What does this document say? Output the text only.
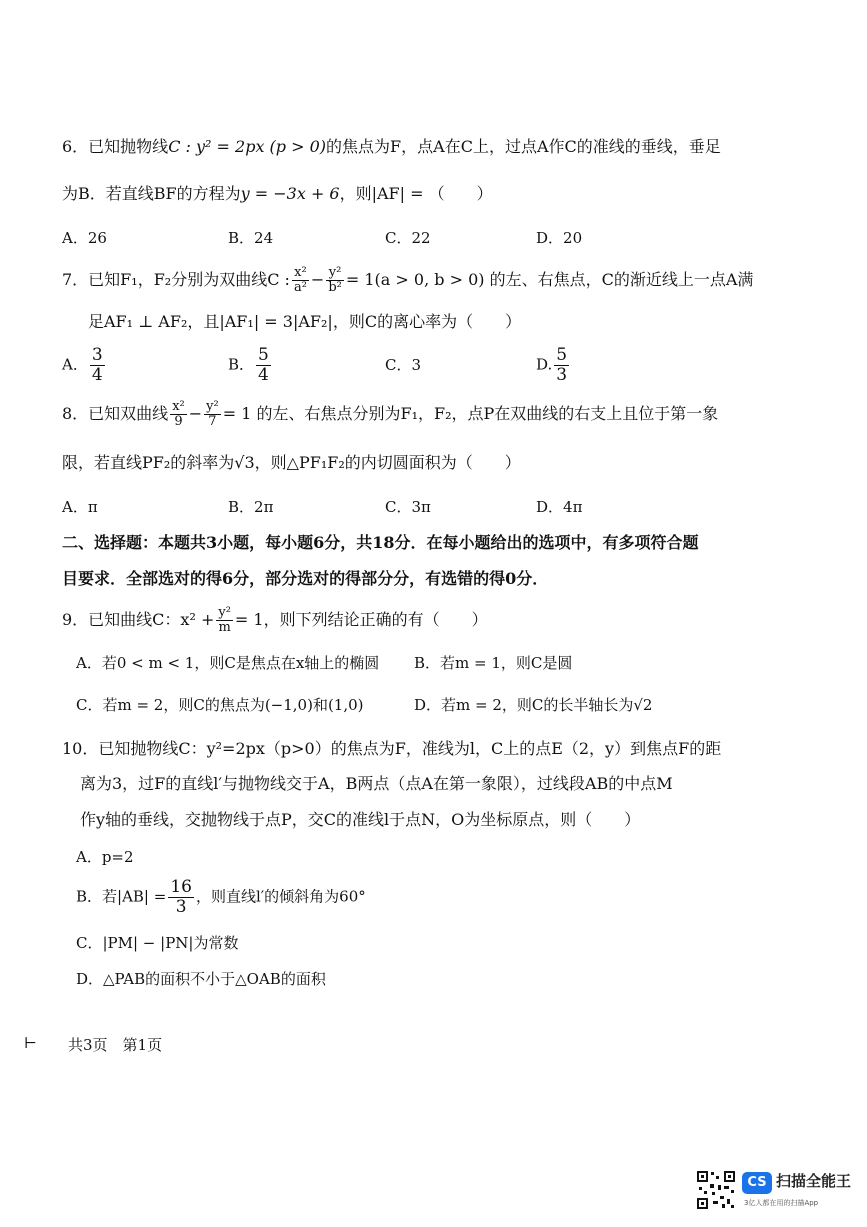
6．已知抛物线C : y² = 2px (p > 0)的焦点为F，点A在C上，过点A作C的准线的垂线，垂足
为B．若直线BF的方程为y = −3x + 6，则|AF| = （　　）
A．26	B．24	C．22	D．20
7．已知F₁，F₂分别为双曲线C : $\frac{\text{x²}}{\text{a²}} - \frac{\text{y²}}{\text{b²}} = 1(a > 0$, b > 0) 的左、右焦点，C的渐近线上一点A满
足AF₁ ⊥ AF₂，且|AF₁| = 3|AF₂|，则C的离心率为（　　）
A． $\frac{3}{4}$	B． $\frac{5}{4}$	C．3	D. $\frac{5}{3}$
8．已知双曲线 $\frac{\text{x²}}{9} - \frac{\text{y²}}{7} = 1$ 的左、右焦点分别为F₁，F₂，点P在双曲线的右支上且位于第一象
限，若直线PF₂的斜率为√3，则△PF₁F₂的内切圆面积为（　　）
A．π	B．2π	C．3π	D．4π
二、选择题：本题共3小题，每小题6分，共18分．在每小题给出的选项中，有多项符合题
目要求．全部选对的得6分，部分选对的得部分分，有选错的得0分．
9．已知曲线C：$x^2 + \frac{\text{y²}}{m} = 1$，则下列结论正确的有（　　）
A．若0 < m < 1，则C是焦点在x轴上的椭圆 B．若m = 1，则C是圆
C．若m = 2，则C的焦点为(−1,0)和(1,0)	D．若m = 2，则C的长半轴长为√2
10．已知抛物线C：y²=2px（p>0）的焦点为F，准线为l，C上的点E（2，y）到焦点F的距
离为3，过F的直线l′与抛物线交于A，B两点（点A在第一象限），过线段AB的中点M
作y轴的垂线，交抛物线于点P，交C的准线l于点N，O为坐标原点，则（　　）
A．p=2
B．若$|AB| = \frac{16}{3}$ ，则直线l′的倾斜角为60°
C．|PM| − |PN|为常数
D．△PAB的面积不小于△OAB的面积
⊢ 共3页　第1页
CS 扫描全能王
3亿人都在用的扫描App
